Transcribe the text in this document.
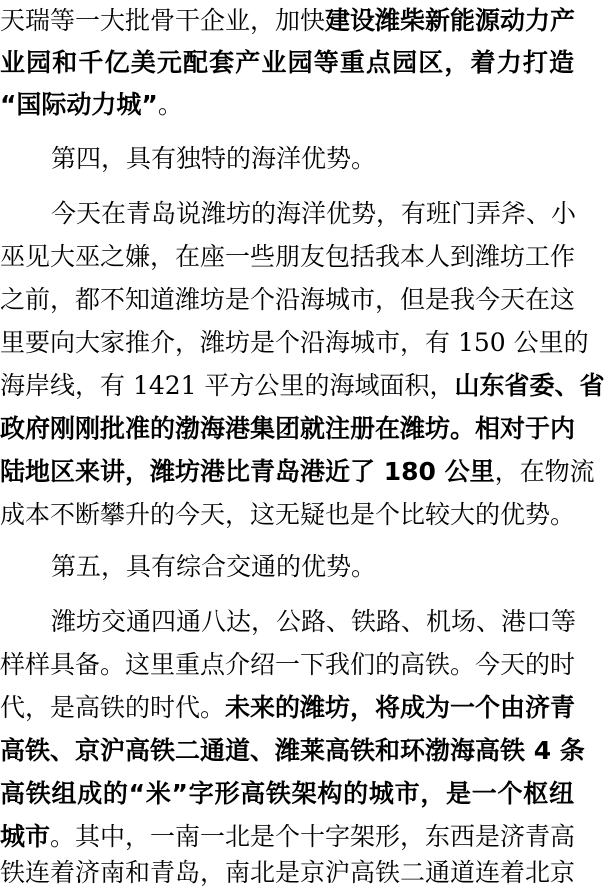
天瑞等一大批骨干企业，加快建设潍柴新能源动力产
业园和千亿美元配套产业园等重点园区，着力打造
“国际动力城”。
第四，具有独特的海洋优势。
今天在青岛说潍坊的海洋优势，有班门弄斧、小
巫见大巫之嫌，在座一些朋友包括我本人到潍坊工作
之前，都不知道潍坊是个沿海城市，但是我今天在这
里要向大家推介，潍坊是个沿海城市，有 150 公里的
海岸线，有 1421 平方公里的海域面积，山东省委、省
政府刚刚批准的渤海港集团就注册在潍坊。相对于内
陆地区来讲，潍坊港比青岛港近了 180 公里，在物流
成本不断攀升的今天，这无疑也是个比较大的优势。
第五，具有综合交通的优势。
潍坊交通四通八达，公路、铁路、机场、港口等
样样具备。这里重点介绍一下我们的高铁。今天的时
代，是高铁的时代。未来的潍坊，将成为一个由济青
高铁、京沪高铁二通道、潍莱高铁和环渤海高铁 4 条
高铁组成的“米”字形高铁架构的城市，是一个枢纽
城市。其中，一南一北是个十字架形，东西是济青高
铁连着济南和青岛，南北是京沪高铁二通道连着北京
